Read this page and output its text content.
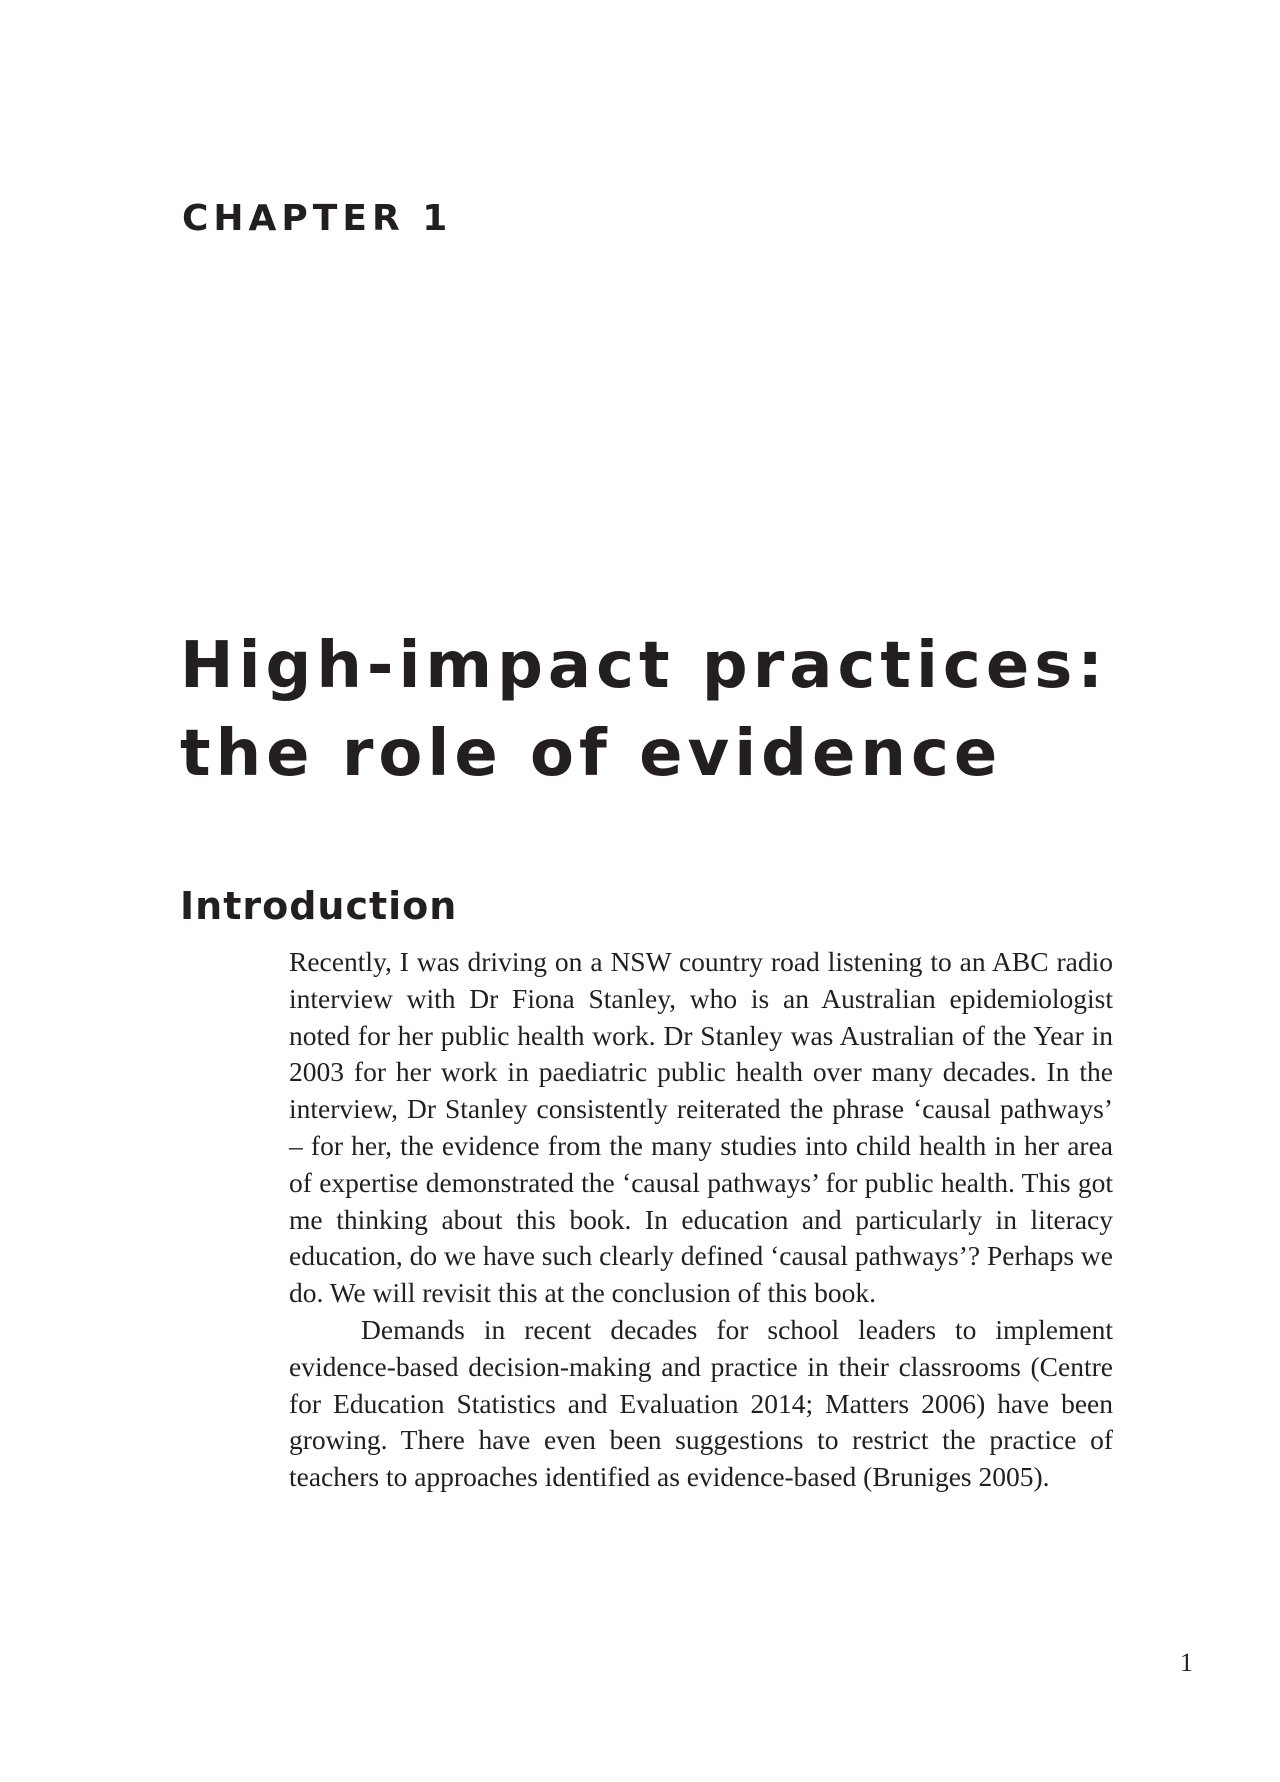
CHAPTER 1
High-impact practices:
the role of evidence
Introduction

Recently, I was driving on a NSW country road listening to an ABC radio interview with Dr Fiona Stanley, who is an Australian epidemiologist noted for her public health work. Dr Stanley was Australian of the Year in 2003 for her work in paediatric public health over many decades. In the interview, Dr Stanley consistently reiterated the phrase ‘causal pathways’ – for her, the evidence from the many studies into child health in her area of expertise demonstrated the ‘causal pathways’ for public health. This got me thinking about this book. In education and particularly in literacy education, do we have such clearly defined ‘causal pathways’? Perhaps we do. We will revisit this at the conclusion of this book.

Demands in recent decades for school leaders to implement evidence-based decision-making and practice in their classrooms (Centre for Education Statistics and Evaluation 2014; Matters 2006) have been growing. There have even been suggestions to restrict the practice of teachers to approaches identified as evidence-based (Bruniges 2005).

1
